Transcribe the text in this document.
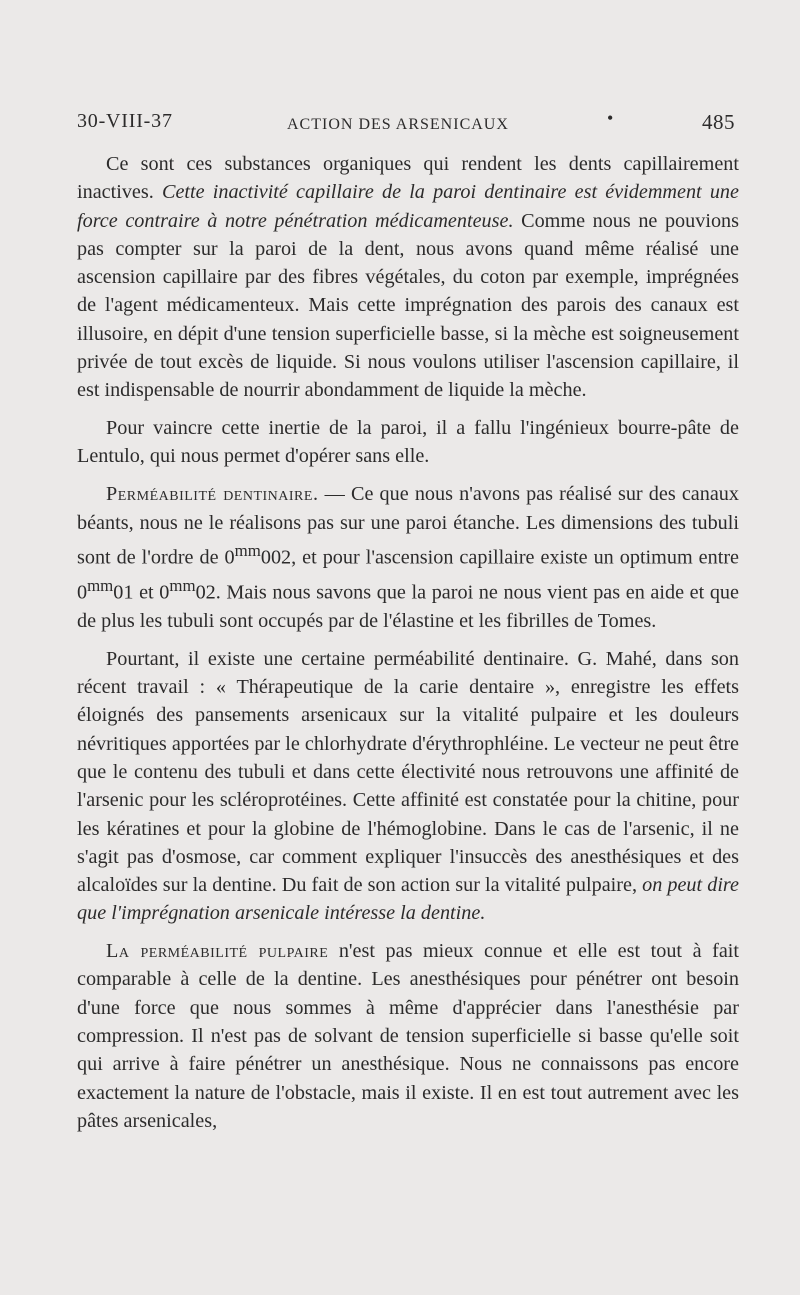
30-VIII-37	ACTION DES ARSENICAUX	•	485

Ce sont ces substances organiques qui rendent les dents capillairement inactives. Cette inactivité capillaire de la paroi dentinaire est évidemment une force contraire à notre pénétration médicamenteuse. Comme nous ne pouvions pas compter sur la paroi de la dent, nous avons quand même réalisé une ascension capillaire par des fibres végétales, du coton par exemple, imprégnées de l'agent médicamenteux. Mais cette imprégnation des parois des canaux est illusoire, en dépit d'une tension superficielle basse, si la mèche est soigneusement privée de tout excès de liquide. Si nous voulons utiliser l'ascension capillaire, il est indispensable de nourrir abondamment de liquide la mèche.

Pour vaincre cette inertie de la paroi, il a fallu l'ingénieux bourre-pâte de Lentulo, qui nous permet d'opérer sans elle.

Perméabilité dentinaire. — Ce que nous n'avons pas réalisé sur des canaux béants, nous ne le réalisons pas sur une paroi étanche. Les dimensions des tubuli sont de l'ordre de $0^{mm}002$, et pour l'ascension capillaire existe un optimum entre $0^{mm}01$ et $0^{mm}02$. Mais nous savons que la paroi ne nous vient pas en aide et que de plus les tubuli sont occupés par de l'élastine et les fibrilles de Tomes.

Pourtant, il existe une certaine perméabilité dentinaire. G. Mahé, dans son récent travail : « Thérapeutique de la carie dentaire », enregistre les effets éloignés des pansements arsenicaux sur la vitalité pulpaire et les douleurs névritiques apportées par le chlorhydrate d'érythrophléine. Le vecteur ne peut être que le contenu des tubuli et dans cette électivité nous retrouvons une affinité de l'arsenic pour les scléroprotéines. Cette affinité est constatée pour la chitine, pour les kératines et pour la globine de l'hémoglobine. Dans le cas de l'arsenic, il ne s'agit pas d'osmose, car comment expliquer l'insuccès des anesthésiques et des alcaloïdes sur la dentine. Du fait de son action sur la vitalité pulpaire, on peut dire que l'imprégnation arsenicale intéresse la dentine.

La perméabilité pulpaire n'est pas mieux connue et elle est tout à fait comparable à celle de la dentine. Les anesthésiques pour pénétrer ont besoin d'une force que nous sommes à même d'apprécier dans l'anesthésie par compression. Il n'est pas de solvant de tension superficielle si basse qu'elle soit qui arrive à faire pénétrer un anesthésique. Nous ne connaissons pas encore exactement la nature de l'obstacle, mais il existe. Il en est tout autrement avec les pâtes arsenicales,
